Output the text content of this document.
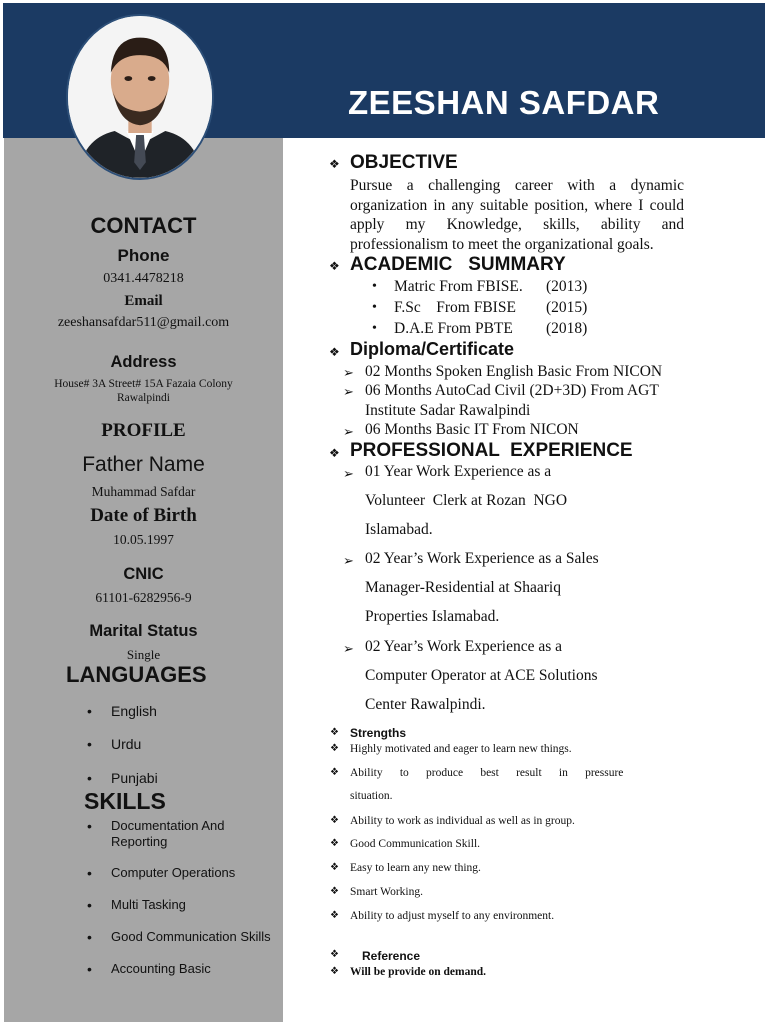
ZEESHAN SAFDAR
CONTACT
Phone
0341.4478218
Email
zeeshansafdar511@gmail.com
Address
House# 3A Street# 15A Fazaia Colony
Rawalpindi
PROFILE
Father Name
Muhammad Safdar
Date of Birth
10.05.1997
CNIC
61101-6282956-9
Marital Status
Single
LANGUAGES
• English
• Urdu
• Punjabi
SKILLS
• Documentation And
Reporting
• Computer Operations
• Multi Tasking
• Good Communication Skills
• Accounting Basic
❖ OBJECTIVE
Pursue a challenging career with a dynamic organization in any suitable position, where I could apply my Knowledge, skills, ability and professionalism to meet the organizational goals.
❖ ACADEMIC   SUMMARY
• Matric From FBISE. (2013)
• F.Sc    From FBISE (2015)
• D.A.E From PBTE (2018)
❖ Diploma/Certificate
➢ 02 Months Spoken English Basic From NICON
➢ 06 Months AutoCad Civil (2D+3D) From AGT
Institute Sadar Rawalpindi
➢ 06 Months Basic IT From NICON
❖ PROFESSIONAL  EXPERIENCE
➢ 01 Year Work Experience as a
Volunteer  Clerk at Rozan  NGO
Islamabad.
➢ 02 Year’s Work Experience as a Sales
Manager-Residential at Shaariq
Properties Islamabad.
➢ 02 Year’s Work Experience as a
Computer Operator at ACE Solutions
Center Rawalpindi.
❖ Strengths
❖ Highly motivated and eager to learn new things.
❖ Ability      to      produce      best      result      in      pressure
situation.
❖ Ability to work as individual as well as in group.
❖ Good Communication Skill.
❖ Easy to learn any new thing.
❖ Smart Working.
❖ Ability to adjust myself to any environment.
❖ Reference
❖ Will be provide on demand.
